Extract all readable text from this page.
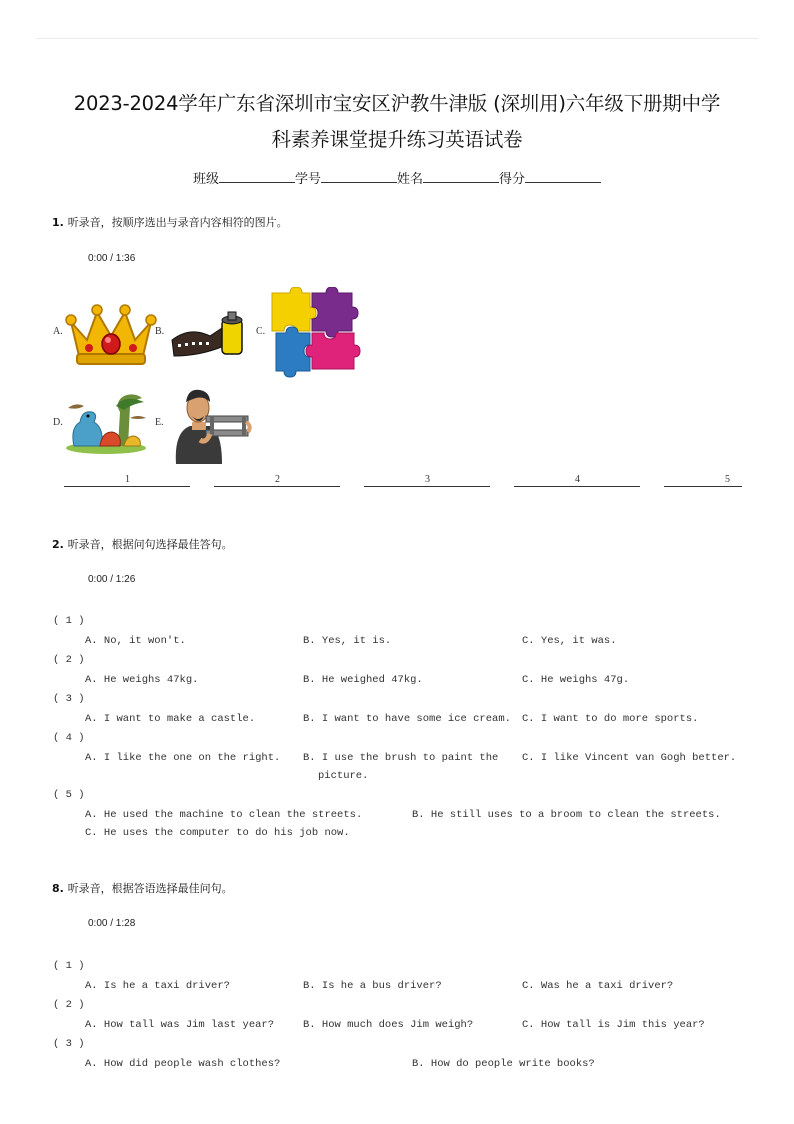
2023-2024学年广东省深圳市宝安区沪教牛津版 (深圳用)六年级下册期中学
科素养课堂提升练习英语试卷
班级	学号	姓名	得分
1. 听录音，按顺序选出与录音内容相符的图片。
0:00 / 1:36
A.	B.	C.
D.	E.
1	2	3	4	5
2. 听录音，根据问句选择最佳答句。
0:00 / 1:26
( 1 )
A. No, it won't.	B. Yes, it is.	C. Yes, it was.
( 2 )
A. He weighs 47kg.	B. He weighed 47kg.	C. He weighs 47g.
( 3 )
A. I want to make a castle.	B. I want to have some ice cream. C. I want to do more sports.
( 4 )
A. I like the one on the right. B. I use the brush to paint the
picture.
C. I like Vincent van Gogh better.
( 5 )
A. He used the machine to clean the streets.	B. He still uses to a broom to clean the streets.
C. He uses the computer to do his job now.
8. 听录音，根据答语选择最佳问句。
0:00 / 1:28
( 1 )
A. Is he a taxi driver?	B. Is he a bus driver?	C. Was he a taxi driver?
( 2 )
A. How tall was Jim last year?	B. How much does Jim weigh?	C. How tall is Jim this year?
( 3 )
A. How did people wash clothes?	B. How do people write books?
